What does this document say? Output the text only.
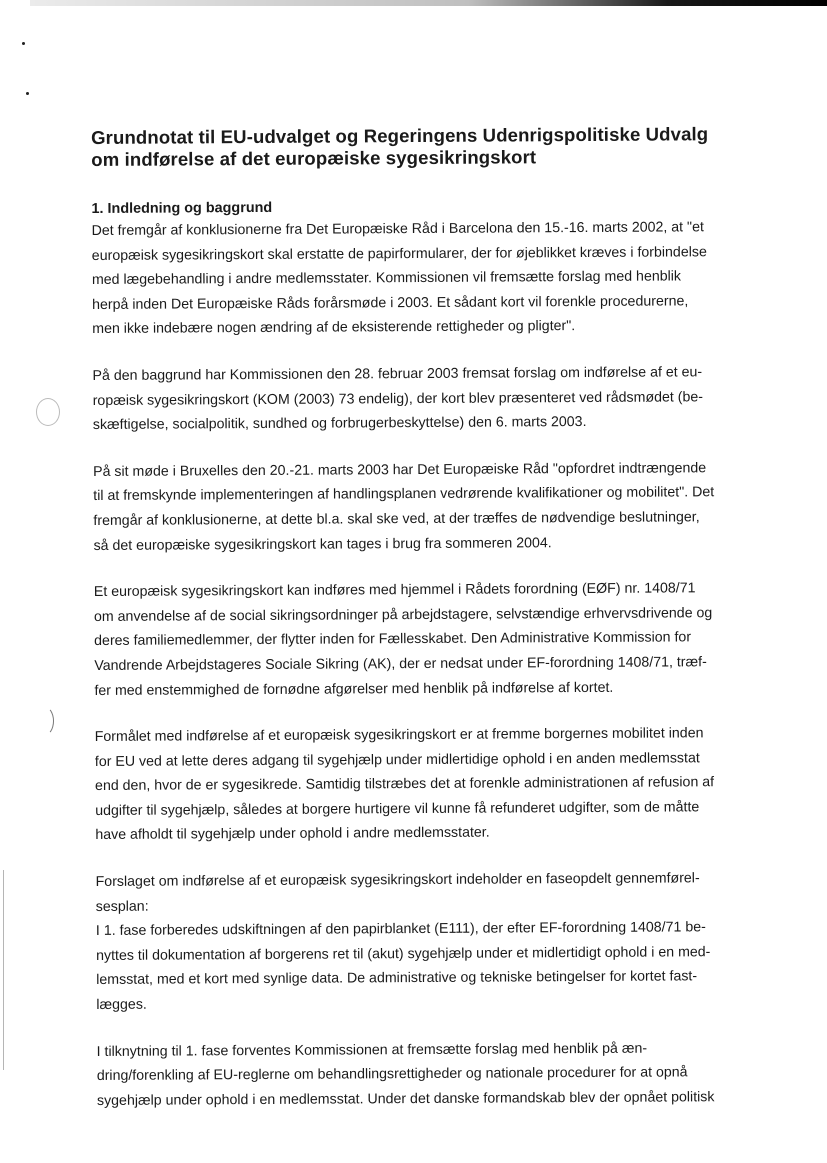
Grundnotat til EU-udvalget og Regeringens Udenrigspolitiske Udvalg
om indførelse af det europæiske sygesikringskort
1. Indledning og baggrund

Det fremgår af konklusionerne fra Det Europæiske Råd i Barcelona den 15.-16. marts 2002, at "et
europæisk sygesikringskort skal erstatte de papirformularer, der for øjeblikket kræves i forbindelse
med lægebehandling i andre medlemsstater. Kommissionen vil fremsætte forslag med henblik
herpå inden Det Europæiske Råds forårsmøde i 2003. Et sådant kort vil forenkle procedurerne,
men ikke indebære nogen ændring af de eksisterende rettigheder og pligter".

På den baggrund har Kommissionen den 28. februar 2003 fremsat forslag om indførelse af et eu-
ropæisk sygesikringskort (KOM (2003) 73 endelig), der kort blev præsenteret ved rådsmødet (be-
skæftigelse, socialpolitik, sundhed og forbrugerbeskyttelse) den 6. marts 2003.

På sit møde i Bruxelles den 20.-21. marts 2003 har Det Europæiske Råd "opfordret indtrængende
til at fremskynde implementeringen af handlingsplanen vedrørende kvalifikationer og mobilitet". Det
fremgår af konklusionerne, at dette bl.a. skal ske ved, at der træffes de nødvendige beslutninger,
så det europæiske sygesikringskort kan tages i brug fra sommeren 2004.

Et europæisk sygesikringskort kan indføres med hjemmel i Rådets forordning (EØF) nr. 1408/71
om anvendelse af de social sikringsordninger på arbejdstagere, selvstændige erhvervsdrivende og
deres familiemedlemmer, der flytter inden for Fællesskabet. Den Administrative Kommission for
Vandrende Arbejdstageres Sociale Sikring (AK), der er nedsat under EF-forordning 1408/71, træf-
fer med enstemmighed de fornødne afgørelser med henblik på indførelse af kortet.

Formålet med indførelse af et europæisk sygesikringskort er at fremme borgernes mobilitet inden
for EU ved at lette deres adgang til sygehjælp under midlertidige ophold i en anden medlemsstat
end den, hvor de er sygesikrede. Samtidig tilstræbes det at forenkle administrationen af refusion af
udgifter til sygehjælp, således at borgere hurtigere vil kunne få refunderet udgifter, som de måtte
have afholdt til sygehjælp under ophold i andre medlemsstater.

Forslaget om indførelse af et europæisk sygesikringskort indeholder en faseopdelt gennemførel-
sesplan:
I 1. fase forberedes udskiftningen af den papirblanket (E111), der efter EF-forordning 1408/71 be-
nyttes til dokumentation af borgerens ret til (akut) sygehjælp under et midlertidigt ophold i en med-
lemsstat, med et kort med synlige data. De administrative og tekniske betingelser for kortet fast-
lægges.

I tilknytning til 1. fase forventes Kommissionen at fremsætte forslag med henblik på æn-
dring/forenkling af EU-reglerne om behandlingsrettigheder og nationale procedurer for at opnå
sygehjælp under ophold i en medlemsstat. Under det danske formandskab blev der opnået politisk
